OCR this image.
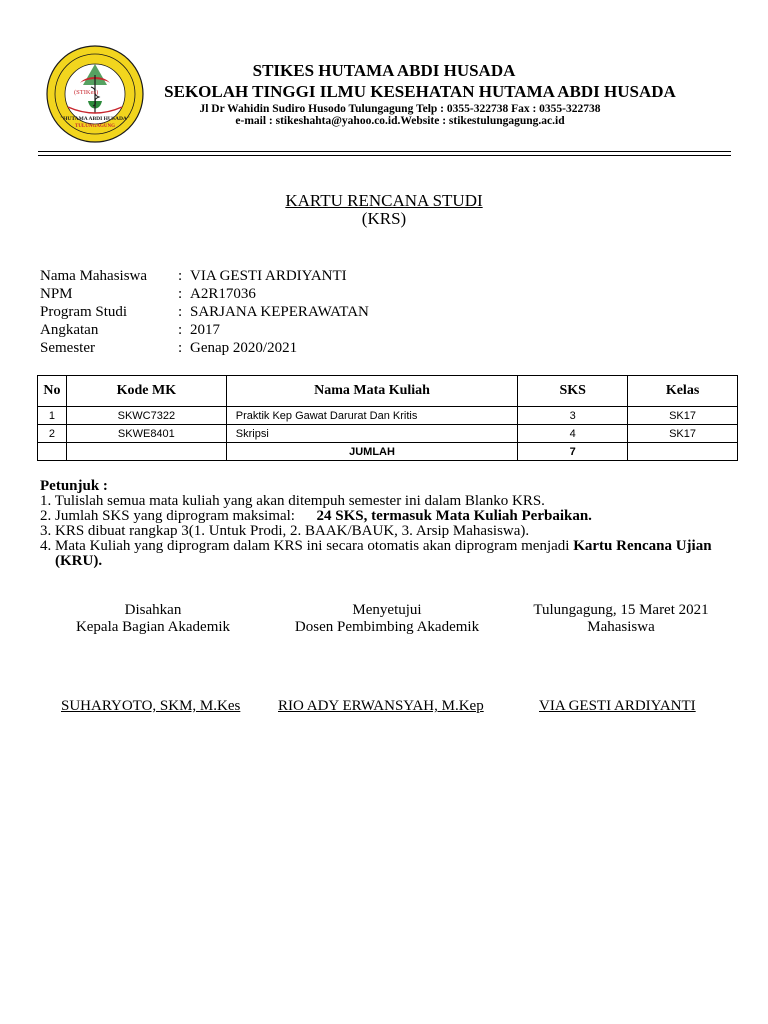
(STIKes)
"HUTAMA ABDI HUSADA"
TULUNGAGUNG
STIKES HUTAMA ABDI HUSADA
SEKOLAH TINGGI ILMU KESEHATAN HUTAMA ABDI HUSADA
Jl Dr Wahidin Sudiro Husodo Tulungagung Telp : 0355-322738 Fax : 0355-322738
e-mail : stikeshahta@yahoo.co.id.Website : stikestulungagung.ac.id
KARTU RENCANA STUDI
(KRS)
Nama Mahasiswa	: VIA GESTI ARDIYANTI
NPM	: A2R17036
Program Studi	: SARJANA KEPERAWATAN
Angkatan	: 2017
Semester	: Genap 2020/2021
No	Kode MK	Nama Mata Kuliah	SKS	Kelas
1	SKWC7322	Praktik Kep Gawat Darurat Dan Kritis	3	SK17
2	SKWE8401	Skripsi	4	SK17
		JUMLAH	7	
Petunjuk :
1. Tulislah semua mata kuliah yang akan ditempuh semester ini dalam Blanko KRS.
2. Jumlah SKS yang diprogram maksimal: 24 SKS, termasuk Mata Kuliah Perbaikan.
3. KRS dibuat rangkap 3(1. Untuk Prodi, 2. BAAK/BAUK, 3. Arsip Mahasiswa).
4. Mata Kuliah yang diprogram dalam KRS ini secara otomatis akan diprogram menjadi Kartu Rencana Ujian
(KRU).
Disahkan
Kepala Bagian Akademik
Menyetujui
Dosen Pembimbing Akademik
Tulungagung, 15 Maret 2021
Mahasiswa
SUHARYOTO, SKM, M.Kes	RIO ADY ERWANSYAH, M.Kep	VIA GESTI ARDIYANTI
